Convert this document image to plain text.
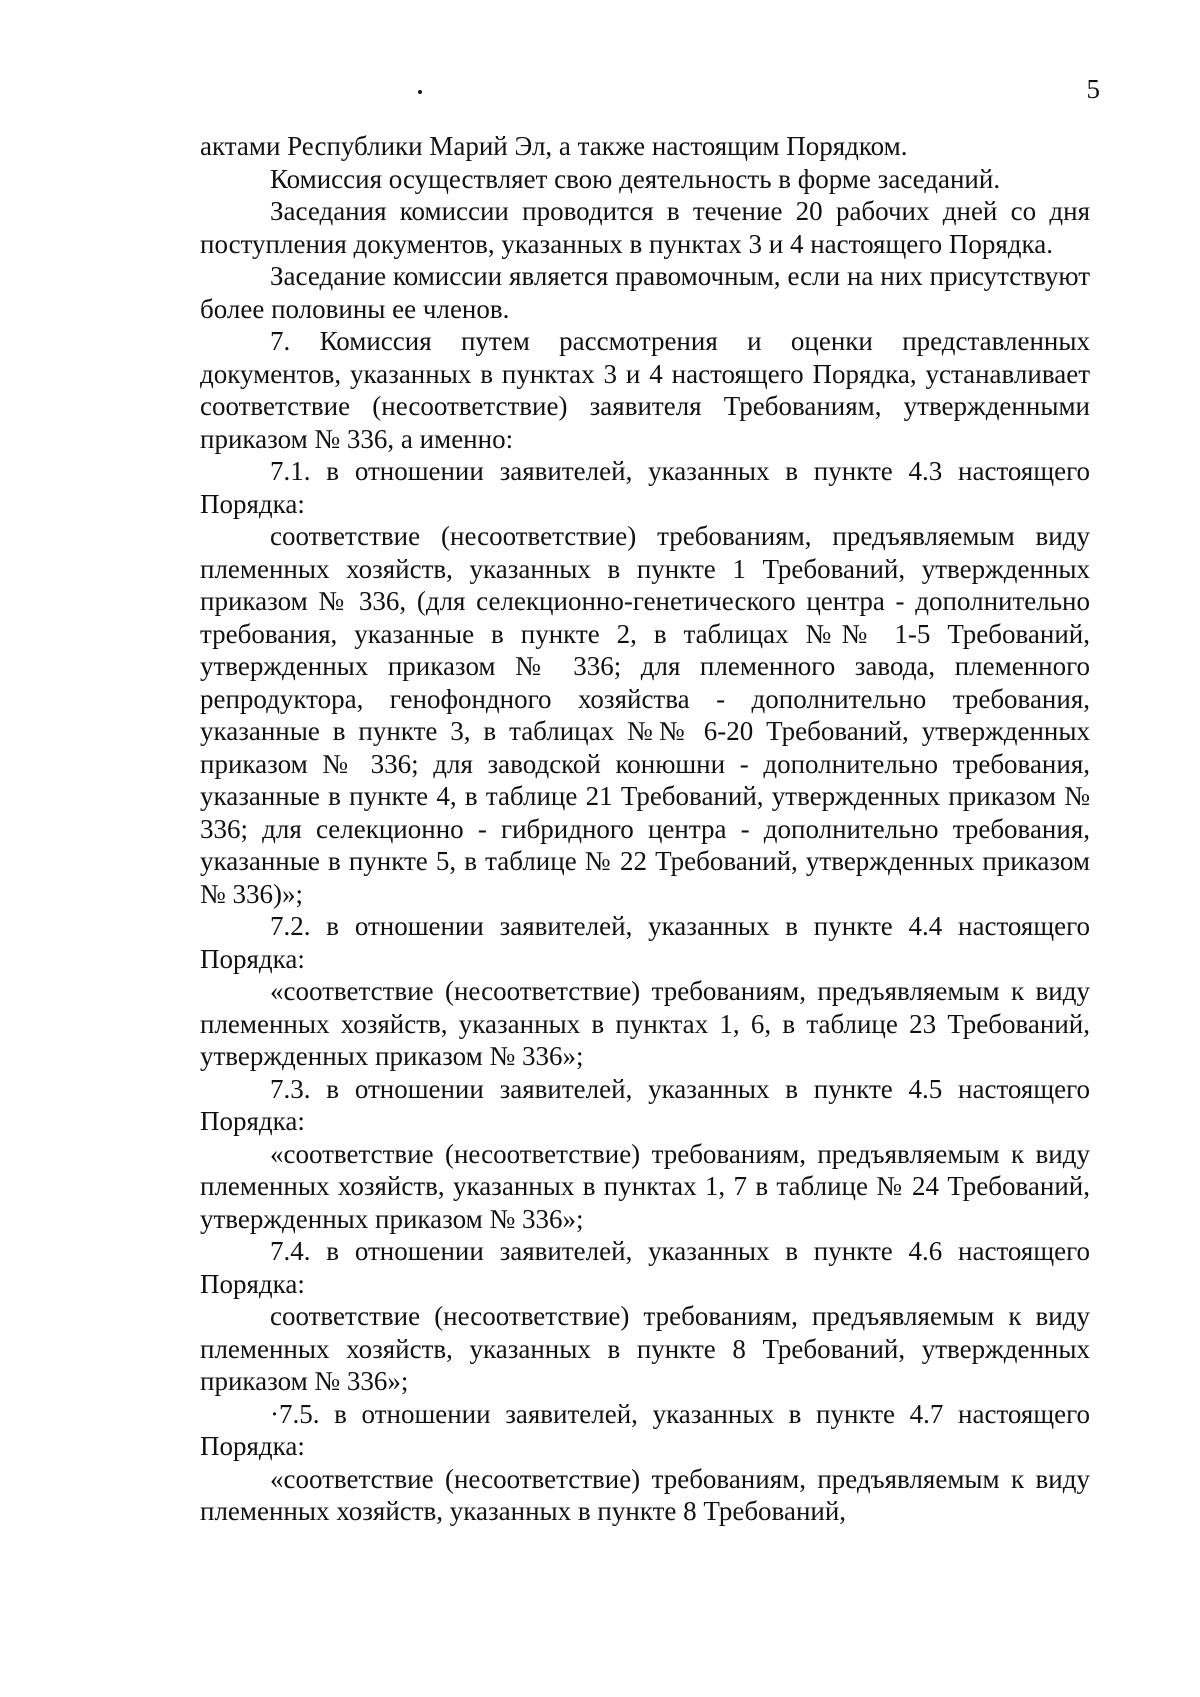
5

актами Республики Марий Эл, а также настоящим Порядком.

Комиссия осуществляет свою деятельность в форме заседаний.

Заседания комиссии проводится в течение 20 рабочих дней со дня поступления документов, указанных в пунктах 3 и 4 настоящего Порядка.

Заседание комиссии является правомочным, если на них присутствуют более половины ее членов.

7. Комиссия путем рассмотрения и оценки представленных документов, указанных в пунктах 3 и 4 настоящего Порядка, устанавливает соответствие (несоответствие) заявителя Требованиям, утвержденными приказом № 336, а именно:

7.1. в отношении заявителей, указанных в пункте 4.3 настоящего Порядка:

соответствие (несоответствие) требованиям, предъявляемым виду племенных хозяйств, указанных в пункте 1 Требований, утвержденных приказом № 336, (для селекционно-генетического центра - дополнительно требования, указанные в пункте 2, в таблицах №№ 1-5 Требований, утвержденных приказом № 336; для племенного завода, племенного репродуктора, генофондного хозяйства - дополнительно требования, указанные в пункте 3, в таблицах №№ 6-20 Требований, утвержденных приказом № 336; для заводской конюшни - дополнительно требования, указанные в пункте 4, в таблице 21 Требований, утвержденных приказом № 336; для селекционно - гибридного центра - дополнительно требования, указанные в пункте 5, в таблице № 22 Требований, утвержденных приказом № 336)»;

7.2. в отношении заявителей, указанных в пункте 4.4 настоящего Порядка:

«соответствие (несоответствие) требованиям, предъявляемым к виду племенных хозяйств, указанных в пунктах 1, 6, в таблице 23 Требований, утвержденных приказом № 336»;

7.3. в отношении заявителей, указанных в пункте 4.5 настоящего Порядка:

«соответствие (несоответствие) требованиям, предъявляемым к виду племенных хозяйств, указанных в пунктах 1, 7 в таблице № 24 Требований, утвержденных приказом № 336»;

7.4. в отношении заявителей, указанных в пункте 4.6 настоящего Порядка:

соответствие (несоответствие) требованиям, предъявляемым к виду племенных хозяйств, указанных в пункте 8 Требований, утвержденных приказом № 336»;

·7.5. в отношении заявителей, указанных в пункте 4.7 настоящего Порядка:

«соответствие (несоответствие) требованиям, предъявляемым к виду племенных хозяйств, указанных в пункте 8 Требований,
